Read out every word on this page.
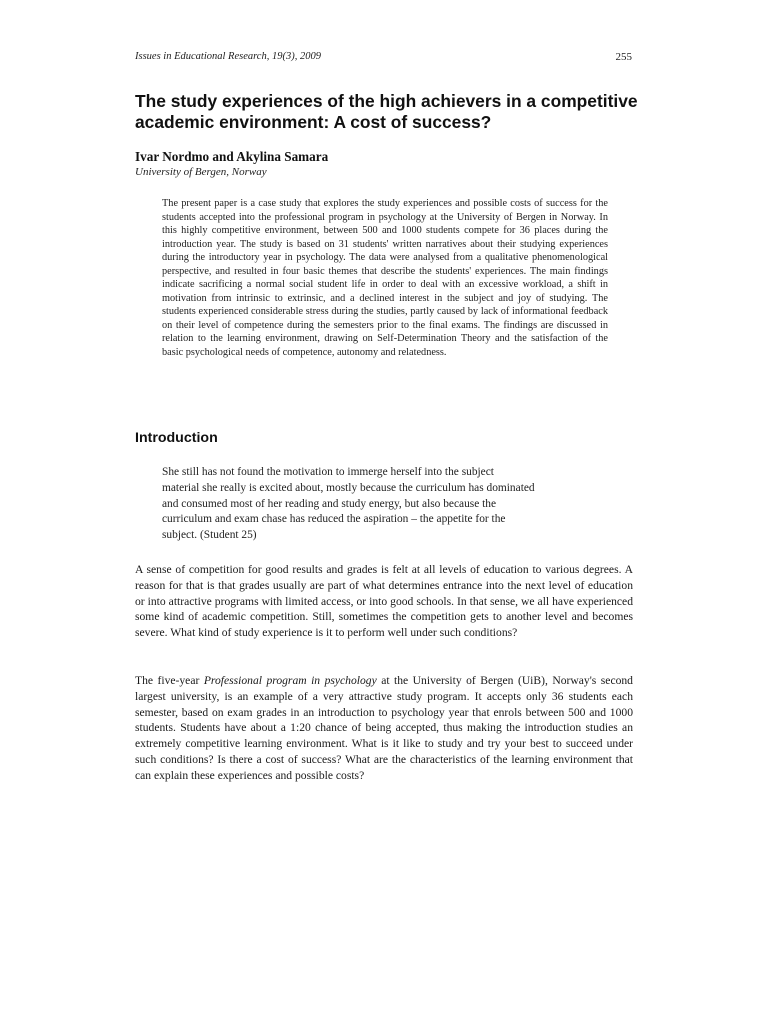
Issues in Educational Research, 19(3), 2009	255
The study experiences of the high achievers in a competitive academic environment: A cost of success?
Ivar Nordmo and Akylina Samara
University of Bergen, Norway

The present paper is a case study that explores the study experiences and possible costs of success for the students accepted into the professional program in psychology at the University of Bergen in Norway. In this highly competitive environment, between 500 and 1000 students compete for 36 places during the introduction year. The study is based on 31 students' written narratives about their studying experiences during the introductory year in psychology. The data were analysed from a qualitative phenomenological perspective, and resulted in four basic themes that describe the students' experiences. The main findings indicate sacrificing a normal social student life in order to deal with an excessive workload, a shift in motivation from intrinsic to extrinsic, and a declined interest in the subject and joy of studying. The students experienced considerable stress during the studies, partly caused by lack of informational feedback on their level of competence during the semesters prior to the final exams. The findings are discussed in relation to the learning environment, drawing on Self-Determination Theory and the satisfaction of the basic psychological needs of competence, autonomy and relatedness.

Introduction
She still has not found the motivation to immerge herself into the subject
material she really is excited about, mostly because the curriculum has dominated
and consumed most of her reading and study energy, but also because the
curriculum and exam chase has reduced the aspiration – the appetite for the
subject. (Student 25)

A sense of competition for good results and grades is felt at all levels of education to various degrees. A reason for that is that grades usually are part of what determines entrance into the next level of education or into attractive programs with limited access, or into good schools. In that sense, we all have experienced some kind of academic competition. Still, sometimes the competition gets to another level and becomes severe. What kind of study experience is it to perform well under such conditions?

The five-year Professional program in psychology at the University of Bergen (UiB), Norway's second largest university, is an example of a very attractive study program. It accepts only 36 students each semester, based on exam grades in an introduction to psychology year that enrols between 500 and 1000 students. Students have about a 1:20 chance of being accepted, thus making the introduction studies an extremely competitive learning environment. What is it like to study and try your best to succeed under such conditions? Is there a cost of success? What are the characteristics of the learning environment that can explain these experiences and possible costs?
